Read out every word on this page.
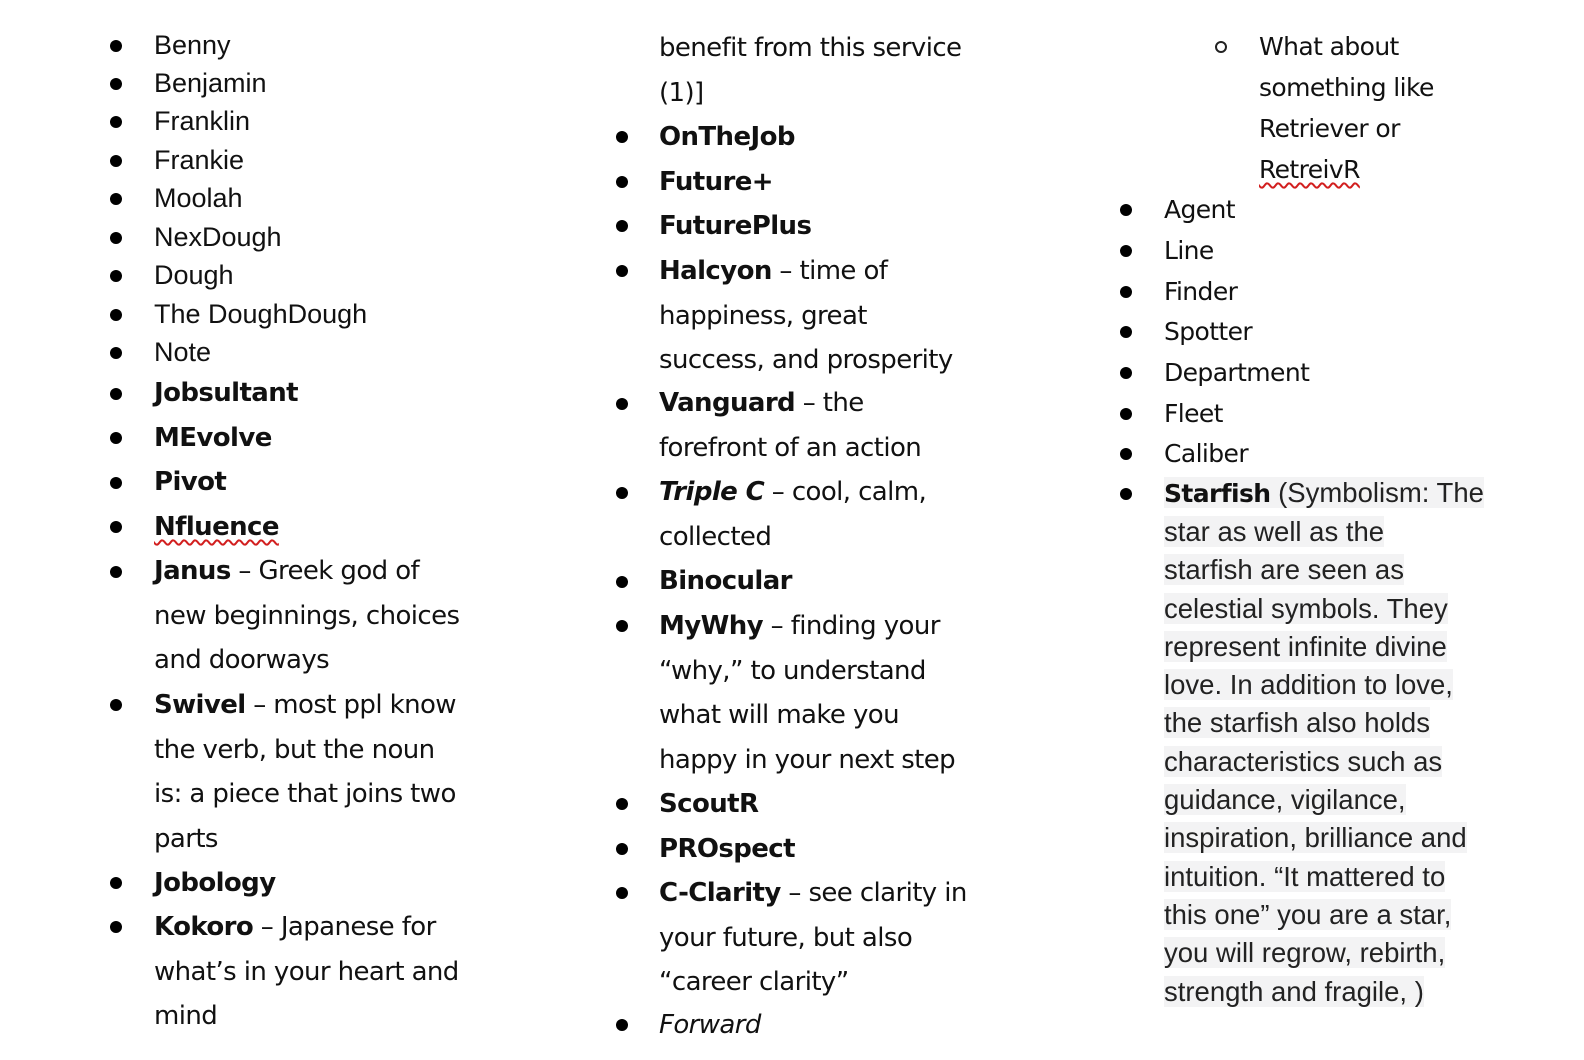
Benny
Benjamin
Franklin
Frankie
Moolah
NexDough
Dough
The DoughDough
Note
Jobsultant
MEvolve
Pivot
Nfluence
Janus – Greek god of
new beginnings, choices
and doorways
Swivel – most ppl know
the verb, but the noun
is: a piece that joins two
parts
Jobology
Kokoro – Japanese for
what’s in your heart and
mind
benefit from this service
(1)]
OnTheJob
Future+
FuturePlus
Halcyon – time of
happiness, great
success, and prosperity
Vanguard – the
forefront of an action
Triple C – cool, calm,
collected
Binocular
MyWhy – finding your
“why,” to understand
what will make you
happy in your next step
ScoutR
PROspect
C-Clarity – see clarity in
your future, but also
“career clarity”
Forward
What about
something like
Retriever or
RetreivR
Agent
Line
Finder
Spotter
Department
Fleet
Caliber
Starfish (Symbolism: The
star as well as the
starfish are seen as
celestial symbols. They
represent infinite divine
love. In addition to love,
the starfish also holds
characteristics such as
guidance, vigilance,
inspiration, brilliance and
intuition. “It mattered to
this one” you are a star,
you will regrow, rebirth,
strength and fragile, )
